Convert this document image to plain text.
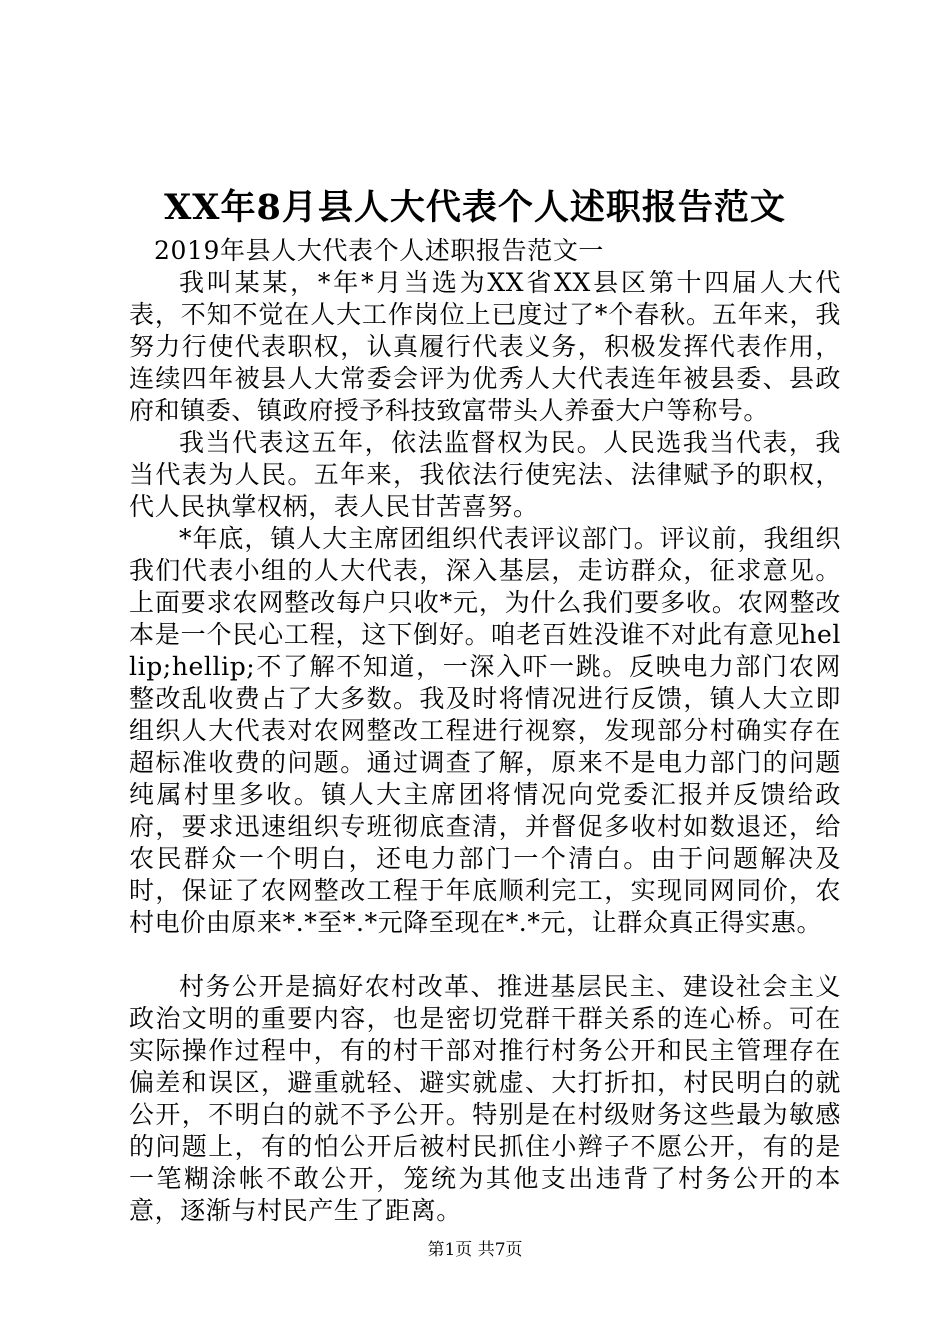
XX年8月县人大代表个人述职报告范文

2019年县人大代表个人述职报告范文一

我叫某某，*年*月当选为XX省XX县区第十四届人大代表，不知不觉在人大工作岗位上已度过了*个春秋。五年来，我努力行使代表职权，认真履行代表义务，积极发挥代表作用，连续四年被县人大常委会评为优秀人大代表连年被县委、县政府和镇委、镇政府授予科技致富带头人养蚕大户等称号。

我当代表这五年，依法监督权为民。人民选我当代表，我当代表为人民。五年来，我依法行使宪法、法律赋予的职权，代人民执掌权柄，表人民甘苦喜努。

*年底，镇人大主席团组织代表评议部门。评议前，我组织我们代表小组的人大代表，深入基层，走访群众，征求意见。上面要求农网整改每户只收*元，为什么我们要多收。农网整改本是一个民心工程，这下倒好。咱老百姓没谁不对此有意见hellip;hellip;不了解不知道，一深入吓一跳。反映电力部门农网整改乱收费占了大多数。我及时将情况进行反馈，镇人大立即组织人大代表对农网整改工程进行视察，发现部分村确实存在超标准收费的问题。通过调查了解，原来不是电力部门的问题纯属村里多收。镇人大主席团将情况向党委汇报并反馈给政府，要求迅速组织专班彻底查清，并督促多收村如数退还，给农民群众一个明白，还电力部门一个清白。由于问题解决及时，保证了农网整改工程于年底顺利完工，实现同网同价，农村电价由原来*.*至*.*元降至现在*.*元，让群众真正得实惠。

村务公开是搞好农村改革、推进基层民主、建设社会主义政治文明的重要内容，也是密切党群干群关系的连心桥。可在实际操作过程中，有的村干部对推行村务公开和民主管理存在偏差和误区，避重就轻、避实就虚、大打折扣，村民明白的就公开，不明白的就不予公开。特别是在村级财务这些最为敏感的问题上，有的怕公开后被村民抓住小辫子不愿公开，有的是一笔糊涂帐不敢公开，笼统为其他支出违背了村务公开的本意，逐渐与村民产生了距离。

第1页 共7页
